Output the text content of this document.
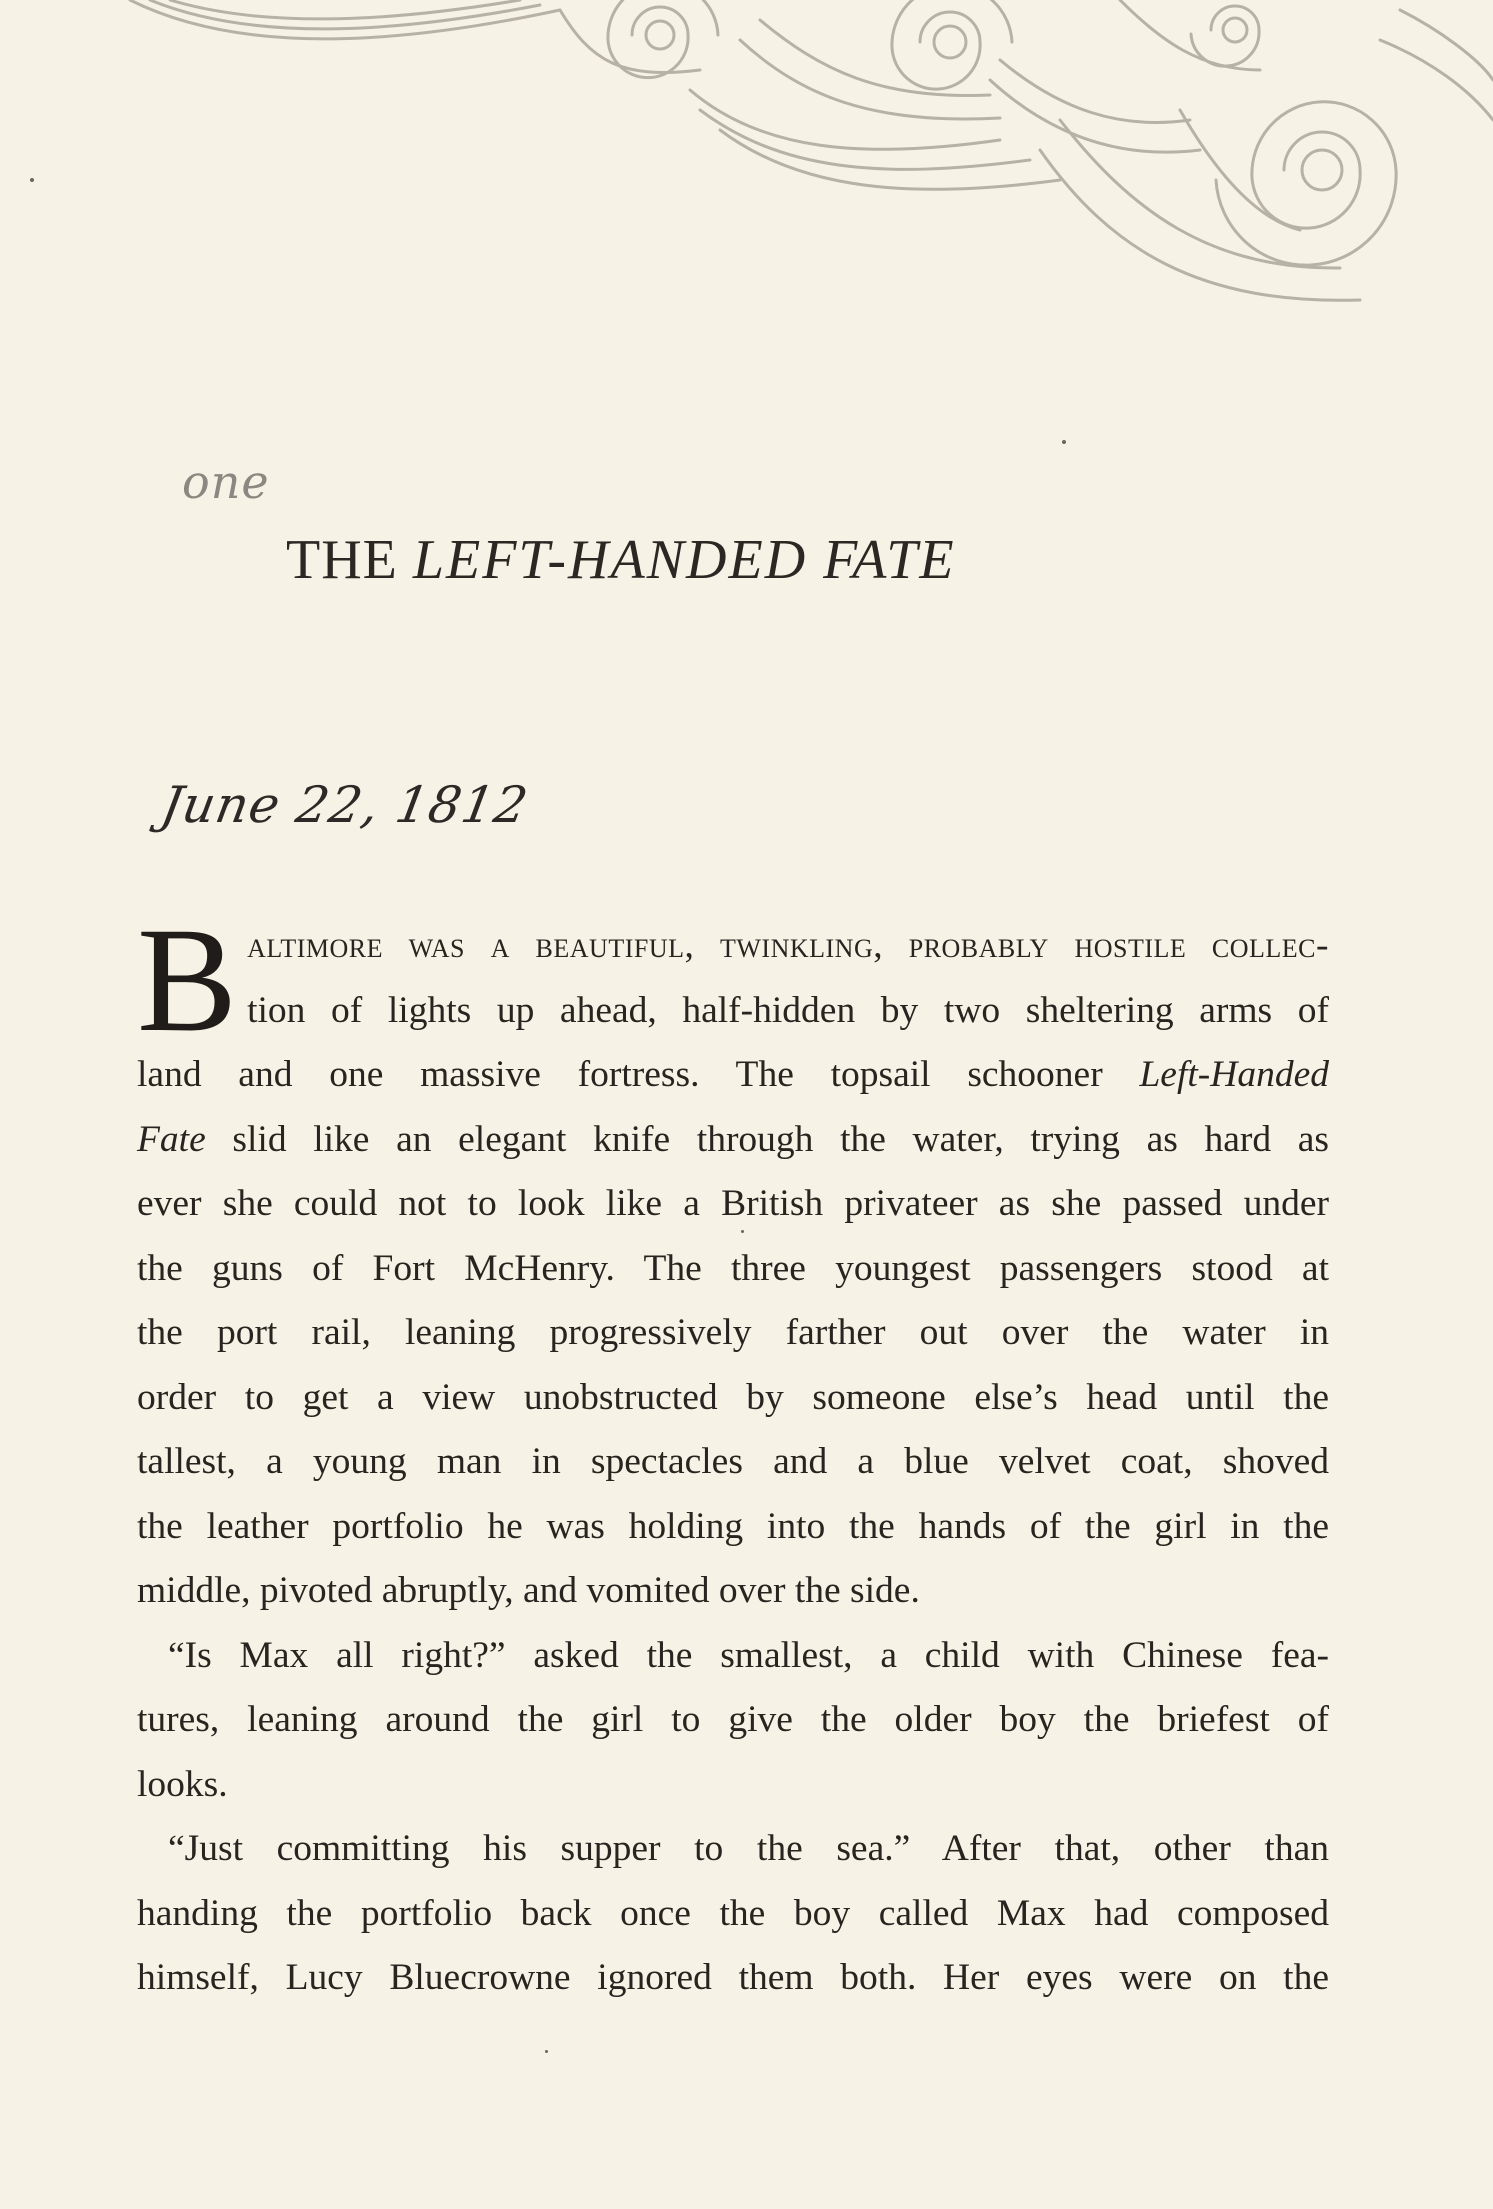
one
THE LEFT-HANDED FATE
June 22, 1812
B altimore was a beautiful, twinkling, probably hostile collec-
tion of lights up ahead, half-hidden by two sheltering arms of
land and one massive fortress. The topsail schooner Left-Handed
Fate slid like an elegant knife through the water, trying as hard as
ever she could not to look like a British privateer as she passed under
the guns of Fort McHenry. The three youngest passengers stood at
the port rail, leaning progressively farther out over the water in
order to get a view unobstructed by someone else’s head until the
tallest, a young man in spectacles and a blue velvet coat, shoved
the leather portfolio he was holding into the hands of the girl in the
middle, pivoted abruptly, and vomited over the side.
“Is Max all right?” asked the smallest, a child with Chinese fea-
tures, leaning around the girl to give the older boy the briefest of
looks.
“Just committing his supper to the sea.” After that, other than
handing the portfolio back once the boy called Max had composed
himself, Lucy Bluecrowne ignored them both. Her eyes were on the
